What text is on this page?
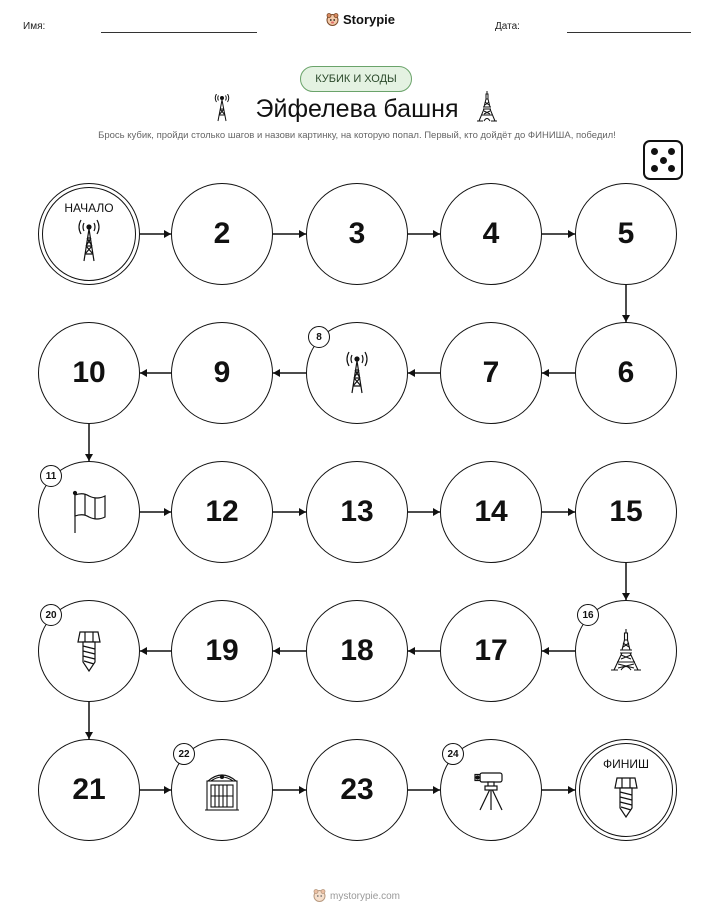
Имя:	Storypie	Дата:
КУБИК И ХОДЫ
Эйфелева башня
Брось кубик, пройди столько шагов и назови картинку, на которую попал. Первый, кто дойдёт до ФИНИША, победил!
НАЧАЛО
2	3	4	5
6
7
8
9
10
11
12	13	14	15
16
17
18
19
20
21
22
23
24
ФИНИШ
mystorypie.com
